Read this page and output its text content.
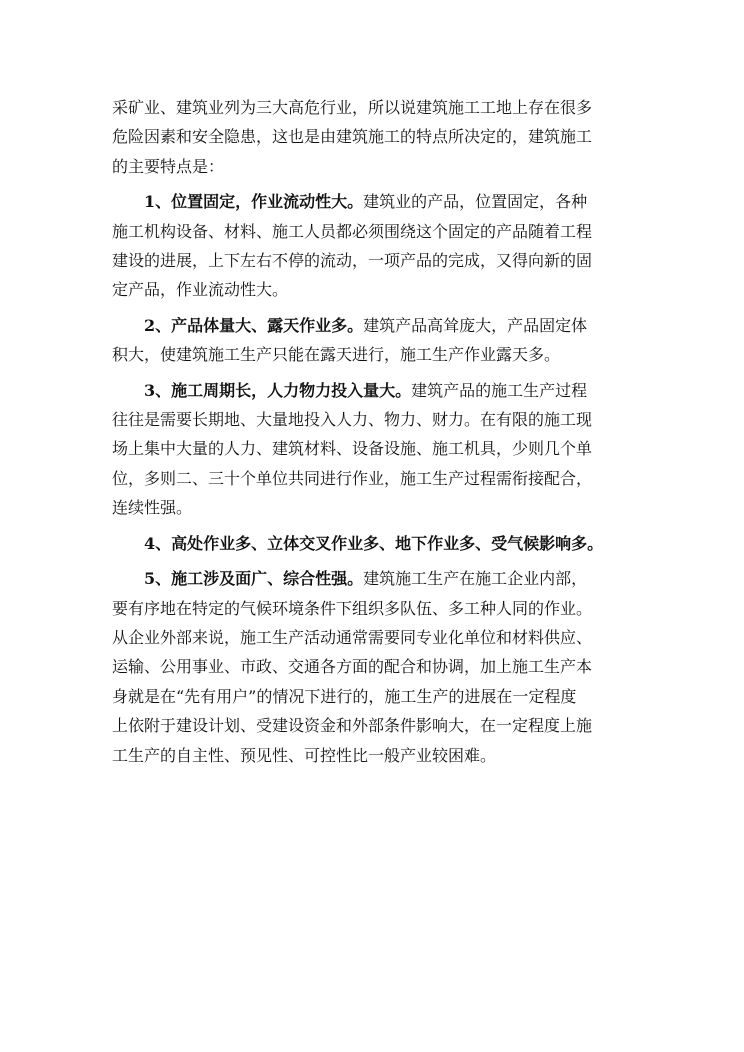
采矿业、建筑业列为三大高危行业，所以说建筑施工工地上存在很多
危险因素和安全隐患，这也是由建筑施工的特点所决定的，建筑施工
的主要特点是：
1、位置固定，作业流动性大。建筑业的产品，位置固定，各种
施工机构设备、材料、施工人员都必须围绕这个固定的产品随着工程
建设的进展，上下左右不停的流动，一项产品的完成，又得向新的固
定产品，作业流动性大。
2、产品体量大、露天作业多。建筑产品高耸庞大，产品固定体
积大，使建筑施工生产只能在露天进行，施工生产作业露天多。
3、施工周期长，人力物力投入量大。建筑产品的施工生产过程
往往是需要长期地、大量地投入人力、物力、财力。在有限的施工现
场上集中大量的人力、建筑材料、设备设施、施工机具，少则几个单
位，多则二、三十个单位共同进行作业，施工生产过程需衔接配合，
连续性强。
4、高处作业多、立体交叉作业多、地下作业多、受气候影响多。
5、施工涉及面广、综合性强。建筑施工生产在施工企业内部，
要有序地在特定的气候环境条件下组织多队伍、多工种人同的作业。
从企业外部来说，施工生产活动通常需要同专业化单位和材料供应、
运输、公用事业、市政、交通各方面的配合和协调，加上施工生产本
身就是在“先有用户”的情况下进行的，施工生产的进展在一定程度
上依附于建设计划、受建设资金和外部条件影响大，在一定程度上施
工生产的自主性、预见性、可控性比一般产业较困难。
